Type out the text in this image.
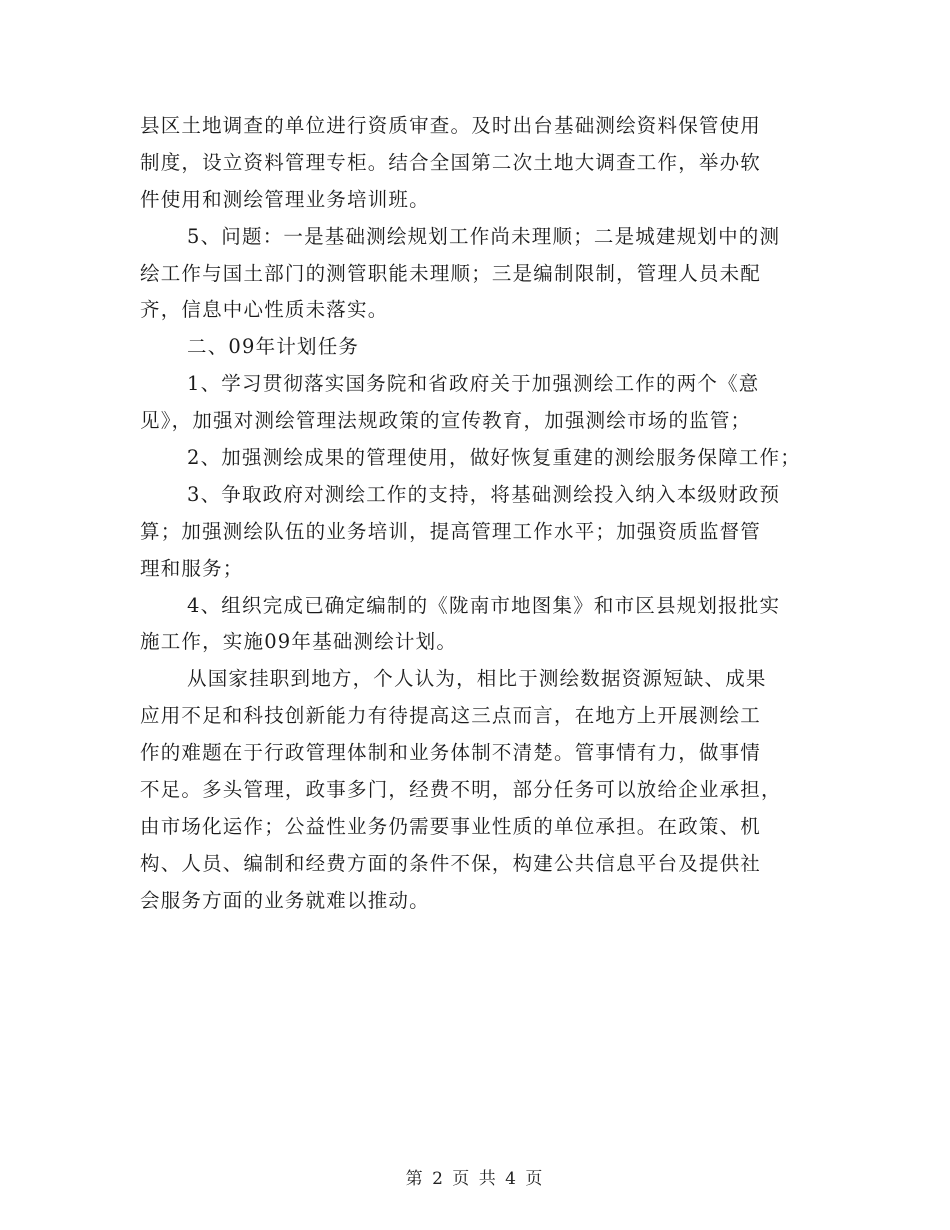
县区土地调查的单位进行资质审查。及时出台基础测绘资料保管使用
制度，设立资料管理专柜。结合全国第二次土地大调查工作，举办软
件使用和测绘管理业务培训班。
5、问题：一是基础测绘规划工作尚未理顺；二是城建规划中的测
绘工作与国土部门的测管职能未理顺；三是编制限制，管理人员未配
齐，信息中心性质未落实。
二、09年计划任务
1、学习贯彻落实国务院和省政府关于加强测绘工作的两个《意
见》，加强对测绘管理法规政策的宣传教育，加强测绘市场的监管；
2、加强测绘成果的管理使用，做好恢复重建的测绘服务保障工作；
3、争取政府对测绘工作的支持，将基础测绘投入纳入本级财政预
算；加强测绘队伍的业务培训，提高管理工作水平；加强资质监督管
理和服务；
4、组织完成已确定编制的《陇南市地图集》和市区县规划报批实
施工作，实施09年基础测绘计划。
从国家挂职到地方，个人认为，相比于测绘数据资源短缺、成果
应用不足和科技创新能力有待提高这三点而言，在地方上开展测绘工
作的难题在于行政管理体制和业务体制不清楚。管事情有力，做事情
不足。多头管理，政事多门，经费不明，部分任务可以放给企业承担，
由市场化运作；公益性业务仍需要事业性质的单位承担。在政策、机
构、人员、编制和经费方面的条件不保，构建公共信息平台及提供社
会服务方面的业务就难以推动。
第 2 页 共 4 页
